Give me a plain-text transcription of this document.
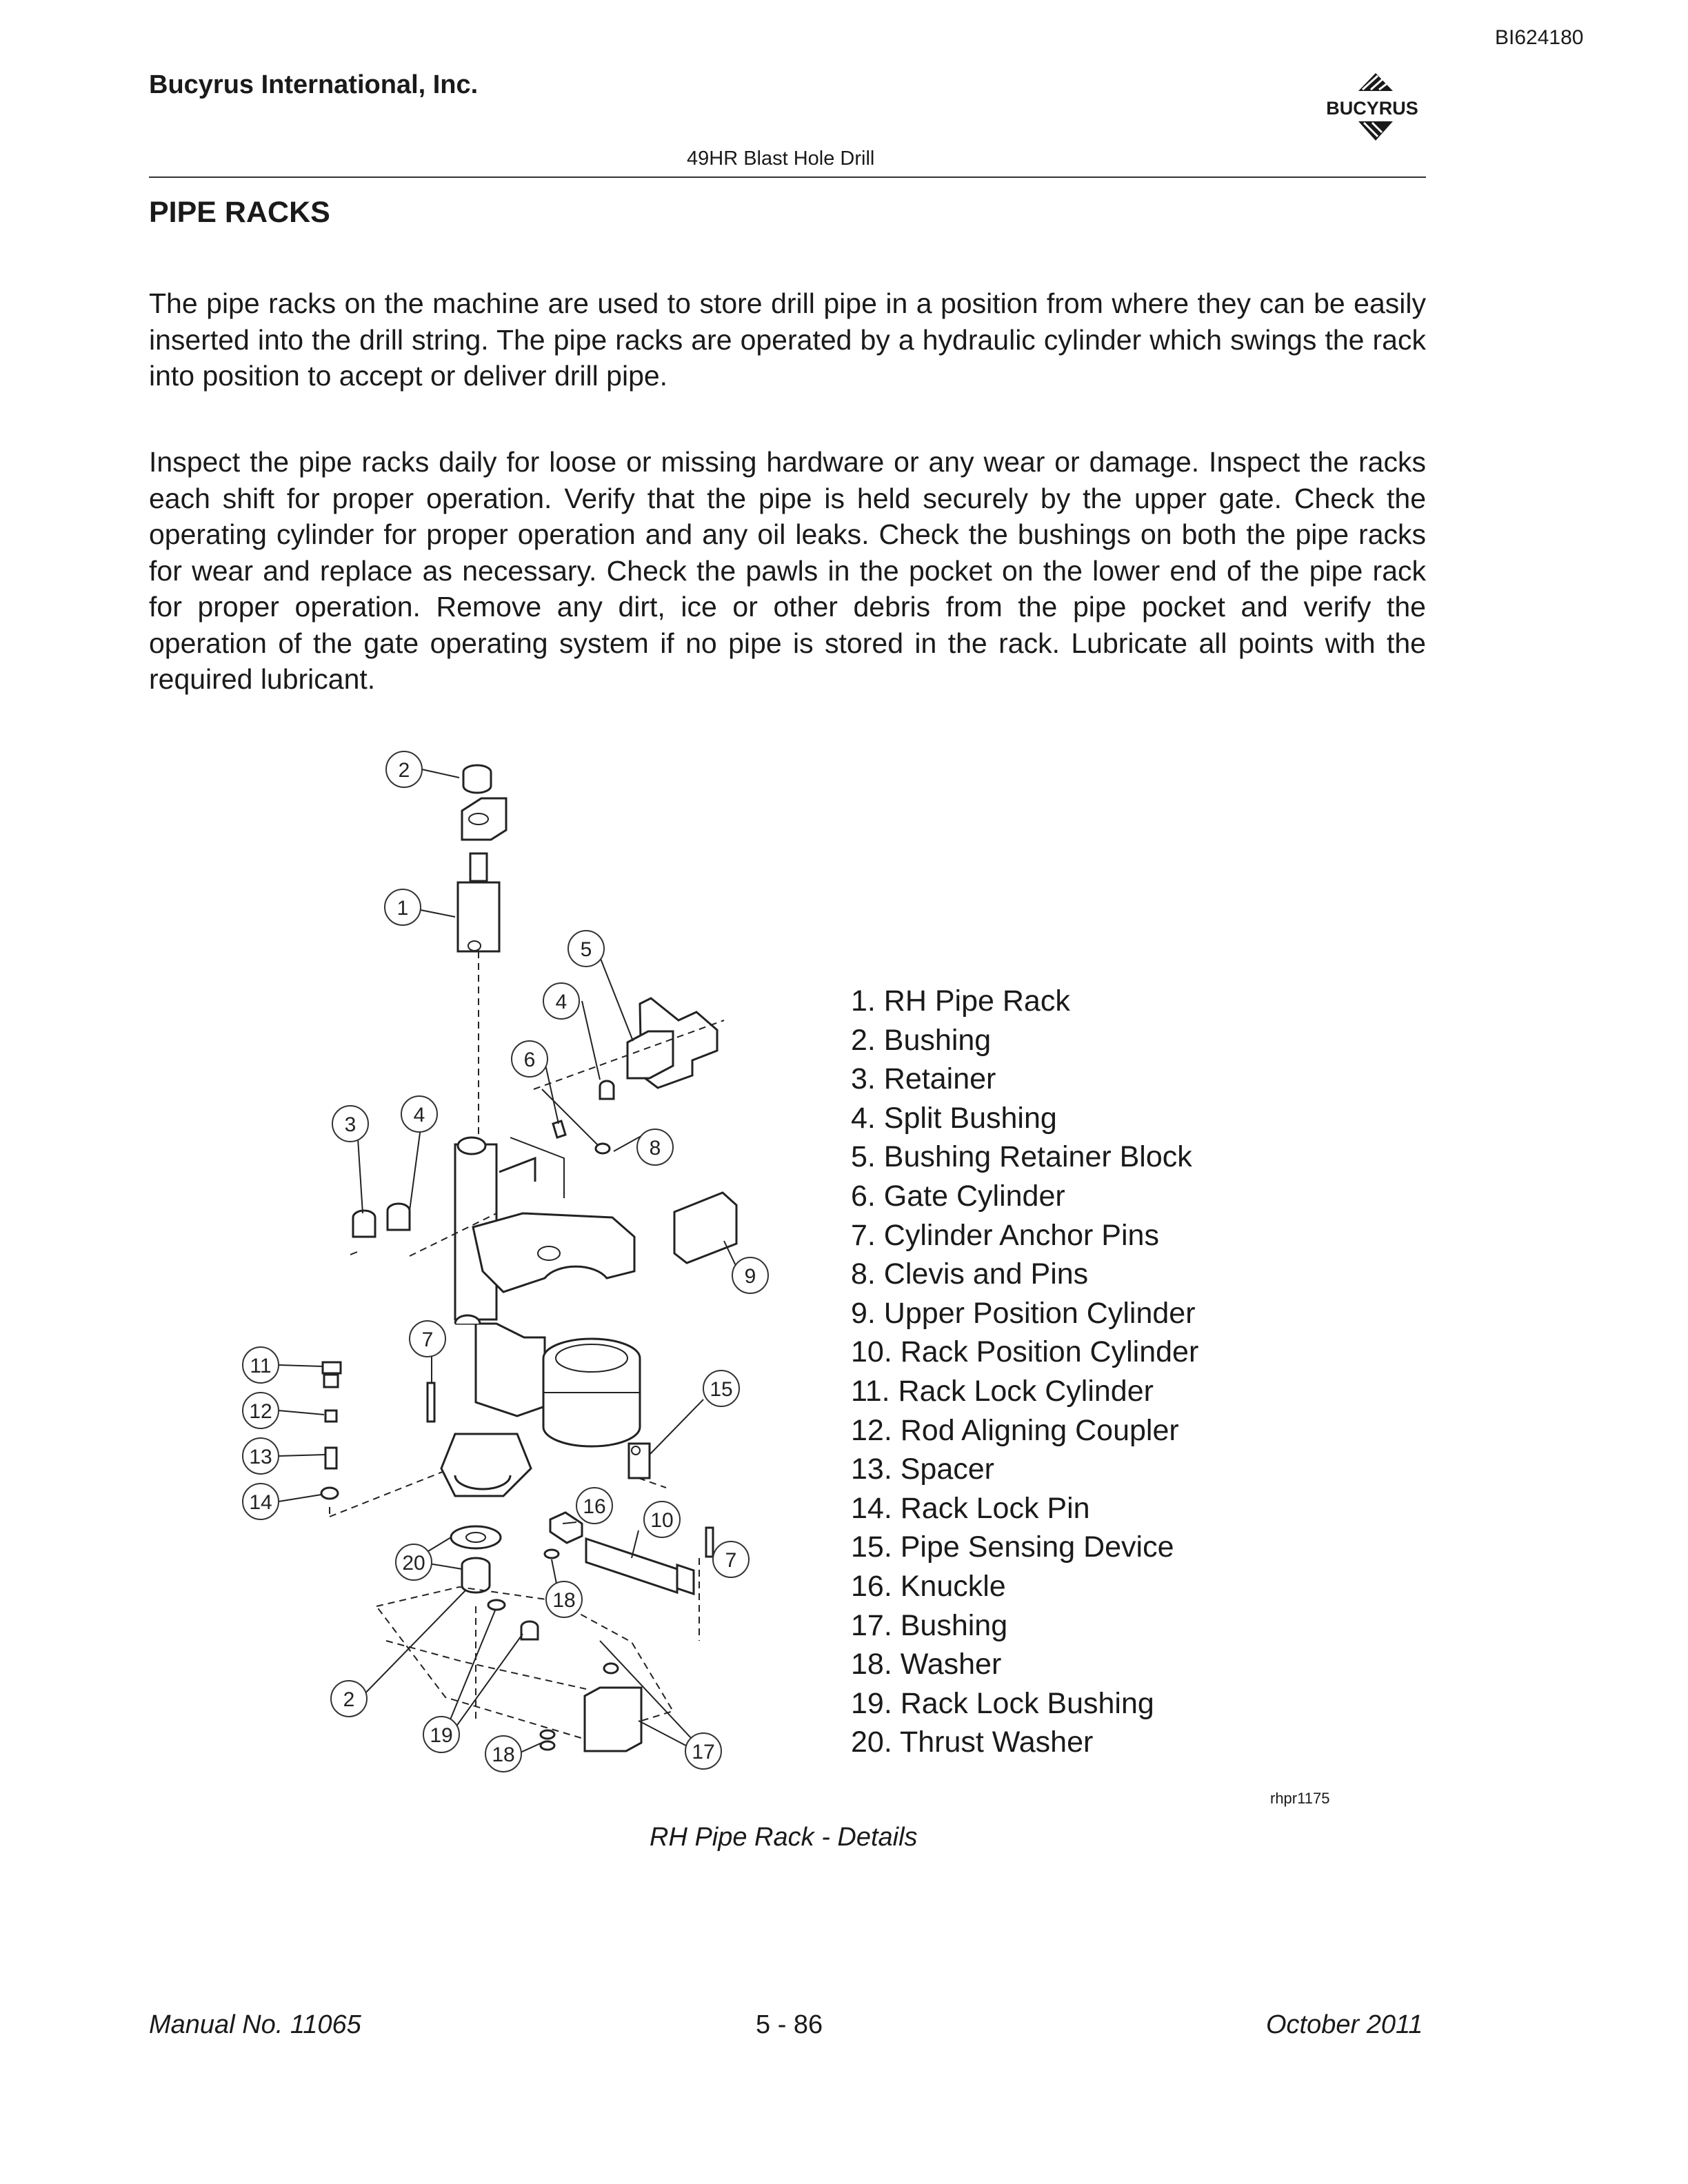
BI624180
Bucyrus International, Inc.
BUCYRUS
49HR Blast Hole Drill
PIPE RACKS
The pipe racks on the machine are used to store drill pipe in a position from where they can be easily inserted into the drill string. The pipe racks are operated by a hydraulic cylinder which swings the rack into position to accept or deliver drill pipe.
Inspect the pipe racks daily for loose or missing hardware or any wear or damage. Inspect the racks each shift for proper operation. Verify that the pipe is held securely by the upper gate. Check the operating cylinder for proper operation and any oil leaks. Check the bushings on both the pipe racks for wear and replace as necessary. Check the pawls in the pocket on the lower end of the pipe rack for proper operation. Remove any dirt, ice or other debris from the pipe pocket and verify the operation of the gate operating system if no pipe is stored in the rack. Lubricate all points with the required lubricant.
2
1
5
4
6
3	4
8
9
7
11
12
13
14
15
16
10
7
20
18
2
19
18	17
1. RH Pipe Rack
2. Bushing
3. Retainer
4. Split Bushing
5. Bushing Retainer Block
6. Gate Cylinder
7. Cylinder Anchor Pins
8. Clevis and Pins
9. Upper Position Cylinder
10. Rack Position Cylinder
11. Rack Lock Cylinder
12. Rod Aligning Coupler
13. Spacer
14. Rack Lock Pin
15. Pipe Sensing Device
16. Knuckle
17. Bushing
18. Washer
19. Rack Lock Bushing
20. Thrust Washer
rhpr1175
RH Pipe Rack - Details
Manual No. 11065	5 - 86	October 2011
